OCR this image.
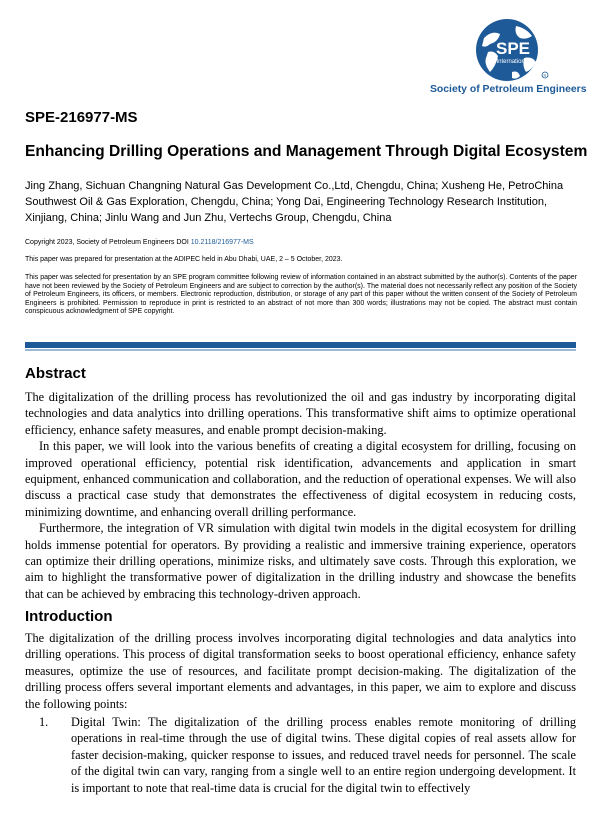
SPE
International
R
Society of Petroleum Engineers
SPE-216977-MS
Enhancing Drilling Operations and Management Through Digital Ecosystem
Jing Zhang, Sichuan Changning Natural Gas Development Co.,Ltd, Chengdu, China; Xusheng He, PetroChina Southwest Oil & Gas Exploration, Chengdu, China; Yong Dai, Engineering Technology Research Institution, Xinjiang, China; Jinlu Wang and Jun Zhu, Vertechs Group, Chengdu, China
Copyright 2023, Society of Petroleum Engineers DOI 10.2118/216977-MS
This paper was prepared for presentation at the ADIPEC held in Abu Dhabi, UAE, 2 – 5 October, 2023.
This paper was selected for presentation by an SPE program committee following review of information contained in an abstract submitted by the author(s). Contents of the paper have not been reviewed by the Society of Petroleum Engineers and are subject to correction by the author(s). The material does not necessarily reflect any position of the Society of Petroleum Engineers, its officers, or members. Electronic reproduction, distribution, or storage of any part of this paper without the written consent of the Society of Petroleum Engineers is prohibited. Permission to reproduce in print is restricted to an abstract of not more than 300 words; illustrations may not be copied. The abstract must contain conspicuous acknowledgment of SPE copyright.
Abstract

The digitalization of the drilling process has revolutionized the oil and gas industry by incorporating digital technologies and data analytics into drilling operations. This transformative shift aims to optimize operational efficiency, enhance safety measures, and enable prompt decision-making.

In this paper, we will look into the various benefits of creating a digital ecosystem for drilling, focusing on improved operational efficiency, potential risk identification, advancements and application in smart equipment, enhanced communication and collaboration, and the reduction of operational expenses. We will also discuss a practical case study that demonstrates the effectiveness of digital ecosystem in reducing costs, minimizing downtime, and enhancing overall drilling performance.

Furthermore, the integration of VR simulation with digital twin models in the digital ecosystem for drilling holds immense potential for operators. By providing a realistic and immersive training experience, operators can optimize their drilling operations, minimize risks, and ultimately save costs. Through this exploration, we aim to highlight the transformative power of digitalization in the drilling industry and showcase the benefits that can be achieved by embracing this technology-driven approach.

Introduction

The digitalization of the drilling process involves incorporating digital technologies and data analytics into drilling operations. This process of digital transformation seeks to boost operational efficiency, enhance safety measures, optimize the use of resources, and facilitate prompt decision-making. The digitalization of the drilling process offers several important elements and advantages, in this paper, we aim to explore and discuss the following points:

1. Digital Twin: The digitalization of the drilling process enables remote monitoring of drilling operations in real-time through the use of digital twins. These digital copies of real assets allow for faster decision-making, quicker response to issues, and reduced travel needs for personnel. The scale of the digital twin can vary, ranging from a single well to an entire region undergoing development. It is important to note that real-time data is crucial for the digital twin to effectively
